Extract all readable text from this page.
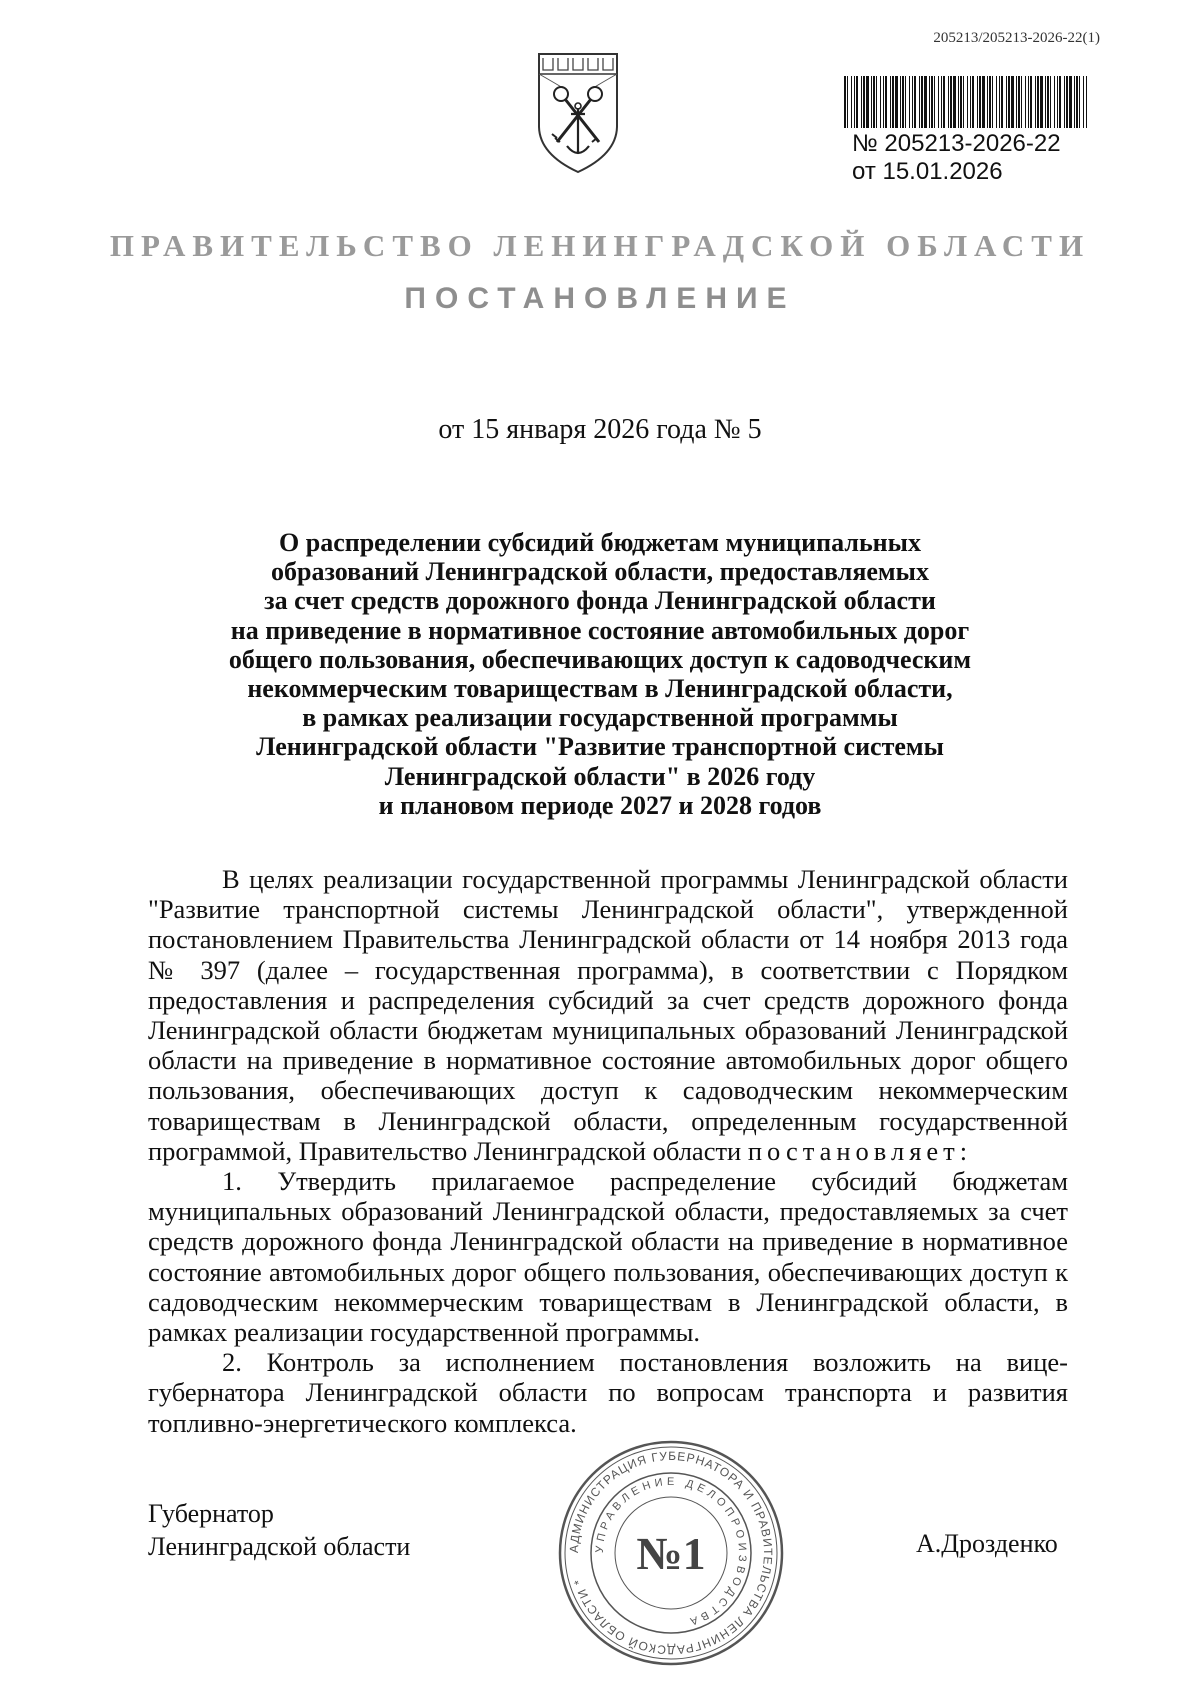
205213/205213-2026-22(1)
№ 205213-2026-22
от 15.01.2026
ПРАВИТЕЛЬСТВО ЛЕНИНГРАДСКОЙ ОБЛАСТИ
ПОСТАНОВЛЕНИЕ
от 15 января 2026 года № 5
О распределении субсидий бюджетам муниципальных
образований Ленинградской области, предоставляемых
за счет средств дорожного фонда Ленинградской области
на приведение в нормативное состояние автомобильных дорог
общего пользования, обеспечивающих доступ к садоводческим
некоммерческим товариществам в Ленинградской области,
в рамках реализации государственной программы
Ленинградской области "Развитие транспортной системы
Ленинградской области" в 2026 году
и плановом периоде 2027 и 2028 годов

В целях реализации государственной программы Ленинградской области "Развитие транспортной системы Ленинградской области", утвержденной постановлением Правительства Ленинградской области от 14 ноября 2013 года № 397 (далее – государственная программа), в соответствии с Порядком предоставления и распределения субсидий за счет средств дорожного фонда Ленинградской области бюджетам муниципальных образований Ленинградской области на приведение в нормативное состояние автомобильных дорог общего пользования, обеспечивающих доступ к садоводческим некоммерческим товариществам в Ленинградской области, определенным государственной программой, Правительство Ленинградской области постановляет:

1. Утвердить прилагаемое распределение субсидий бюджетам муниципальных образований Ленинградской области, предоставляемых за счет средств дорожного фонда Ленинградской области на приведение в нормативное состояние автомобильных дорог общего пользования, обеспечивающих доступ к садоводческим некоммерческим товариществам в Ленинградской области, в рамках реализации государственной программы.

2. Контроль за исполнением постановления возложить на вице-губернатора Ленинградской области по вопросам транспорта и развития топливно-энергетического комплекса.

Губернатор
Ленинградской области	АДМИНИСТРАЦИЯ ГУБЕРНАТОРА И ПРАВИТЕЛЬСТВА ЛЕНИНГРАДСКОЙ ОБЛАСТИ *
УПРАВЛЕНИЕ ДЕЛОПРОИЗВОДСТВА
№1	А.Дрозденко
